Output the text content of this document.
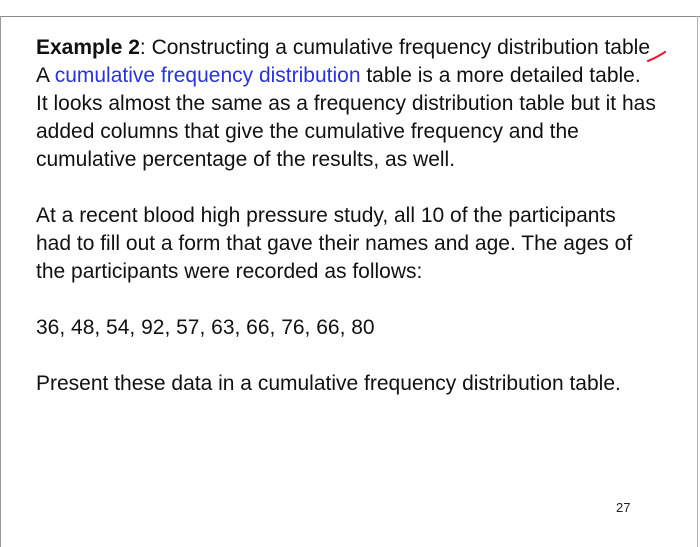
Example 2: Constructing a cumulative frequency distribution table

A cumulative frequency distribution table is a more detailed table. It looks almost the same as a frequency distribution table but it has added columns that give the cumulative frequency and the cumulative percentage of the results, as well.

At a recent blood high pressure study, all 10 of the participants had to fill out a form that gave their names and age. The ages of the participants were recorded as follows:

36, 48, 54, 92, 57, 63, 66, 76, 66, 80

Present these data in a cumulative frequency distribution table.

27
